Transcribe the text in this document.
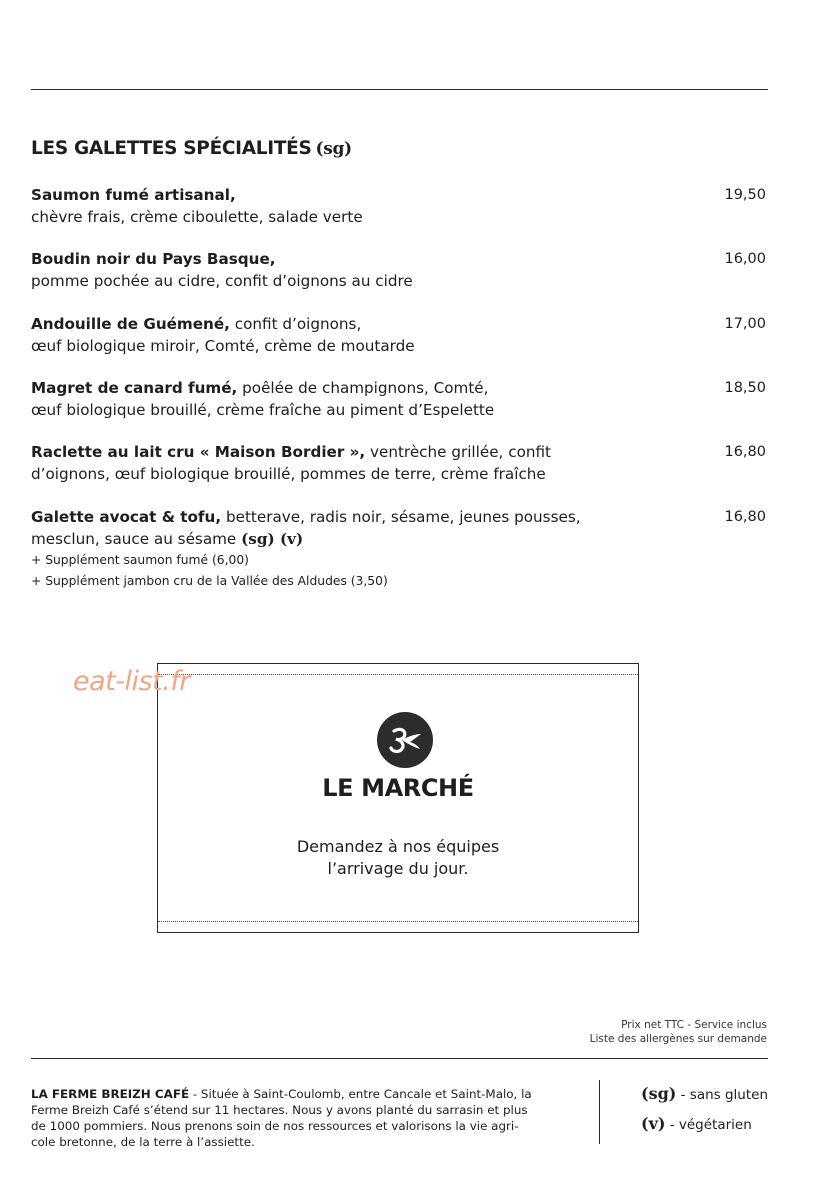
LES GALETTES SPÉCIALITÉS (sg)
Saumon fumé artisanal,
chèvre frais, crème ciboulette, salade verte
19,50
Boudin noir du Pays Basque,
pomme pochée au cidre, confit d’oignons au cidre
16,00
Andouille de Guémené, confit d’oignons,
œuf biologique miroir, Comté, crème de moutarde
17,00
Magret de canard fumé, poêlée de champignons, Comté,
œuf biologique brouillé, crème fraîche au piment d’Espelette
18,50
Raclette au lait cru « Maison Bordier », ventrèche grillée, confit
d’oignons, œuf biologique brouillé, pommes de terre, crème fraîche
16,80
Galette avocat & tofu, betterave, radis noir, sésame, jeunes pousses,
mesclun, sauce au sésame (sg) (v)
+ Supplément saumon fumé (6,00)
+ Supplément jambon cru de la Vallée des Aldudes (3,50)
16,80
LE MARCHÉ
Demandez à nos équipes
l’arrivage du jour.
eat-list.fr
Prix net TTC - Service inclus
Liste des allergènes sur demande
LA FERME BREIZH CAFÉ - Située à Saint-Coulomb, entre Cancale et Saint-Malo, la
Ferme Breizh Café s’étend sur 11 hectares. Nous y avons planté du sarrasin et plus
de 1000 pommiers. Nous prenons soin de nos ressources et valorisons la vie agri-
cole bretonne, de la terre à l’assiette.
(sg) - sans gluten
(v) - végétarien
